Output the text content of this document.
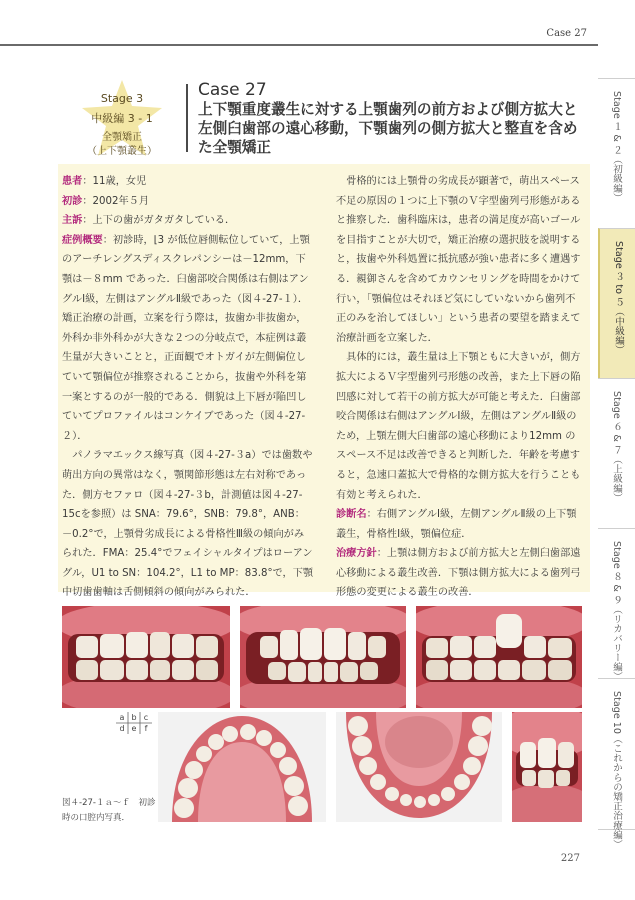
Case 27
Stage 3
中級編 3 - 1
全顎矯正
（上下顎叢生）
Case 27
上下顎重度叢生に対する上顎歯列の前方および側方拡大と左側臼歯部の遠心移動，下顎歯列の側方拡大と整直を含めた全顎矯正

患者：11歳，女児

初診：2002年５月

主訴：上下の歯がガタガタしている．

症例概要：初診時，⌊3 が低位唇側転位していて，上顎のアーチレングスディスクレパンシーは－12mm，下顎は－８mm であった．臼歯部咬合関係は右側はアングルⅠ級，左側はアングルⅡ級であった（図４-27-１）．矯正治療の計画，立案を行う際は，抜歯か非抜歯か，外科か非外科かが大きな２つの分岐点で，本症例は叢生量が大きいことと，正面観でオトガイが左側偏位していて顎偏位が推察されることから，抜歯や外科を第一案とするのが一般的である．側貌は上下唇が陥凹していてプロファイルはコンケイブであった（図４-27-２）．

パノラマエックス線写真（図４-27-３a）では歯数や萌出方向の異常はなく，顎関節形態は左右対称であった．側方セファロ（図４-27-３b，計測値は図４-27-15cを参照）は SNA：79.6°，SNB：79.8°，ANB：－0.2°で，上顎骨劣成長による骨格性Ⅲ級の傾向がみられた．FMA：25.4°でフェイシャルタイプはローアングル，U1 to SN：104.2°，L1 to MP：83.8°で，下顎中切歯歯軸は舌側傾斜の傾向がみられた．

骨格的には上顎骨の劣成長が顕著で，萌出スペース不足の原因の１つに上下顎のＶ字型歯列弓形態があると推察した．歯科臨床は，患者の満足度が高いゴールを目指すことが大切で，矯正治療の選択肢を説明すると，抜歯や外科処置に抵抗感が強い患者に多く遭遇する．親御さんを含めてカウンセリングを時間をかけて行い，「顎偏位はそれほど気にしていないから歯列不正のみを治してほしい」という患者の要望を踏まえて治療計画を立案した．

具体的には，叢生量は上下顎ともに大きいが，側方拡大によるＶ字型歯列弓形態の改善，また上下唇の陥凹感に対して若干の前方拡大が可能と考えた．臼歯部咬合関係は右側はアングルⅠ級，左側はアングルⅡ級のため，上顎左側大臼歯部の遠心移動により12mm のスペース不足は改善できると判断した．年齢を考慮すると，急速口蓋拡大で骨格的な側方拡大を行うことも有効と考えられた．

診断名：右側アングルⅠ級，左側アングルⅡ級の上下顎叢生，骨格性Ⅰ級，顎偏位症．

治療方針：上顎は側方および前方拡大と左側臼歯部遠心移動による叢生改善．下顎は側方拡大による歯列弓形態の変更による叢生の改善．

a b c
d e	f
図４-27-１ａ～ｆ　初診時の口腔内写真．
Stage １ & ２（初級編）
Stage ３ to ５（中級編）
Stage ６ & ７（上級編）
Stage ８ & ９（リカバリー編）
Stage 10（これからの矯正治療編）
227
